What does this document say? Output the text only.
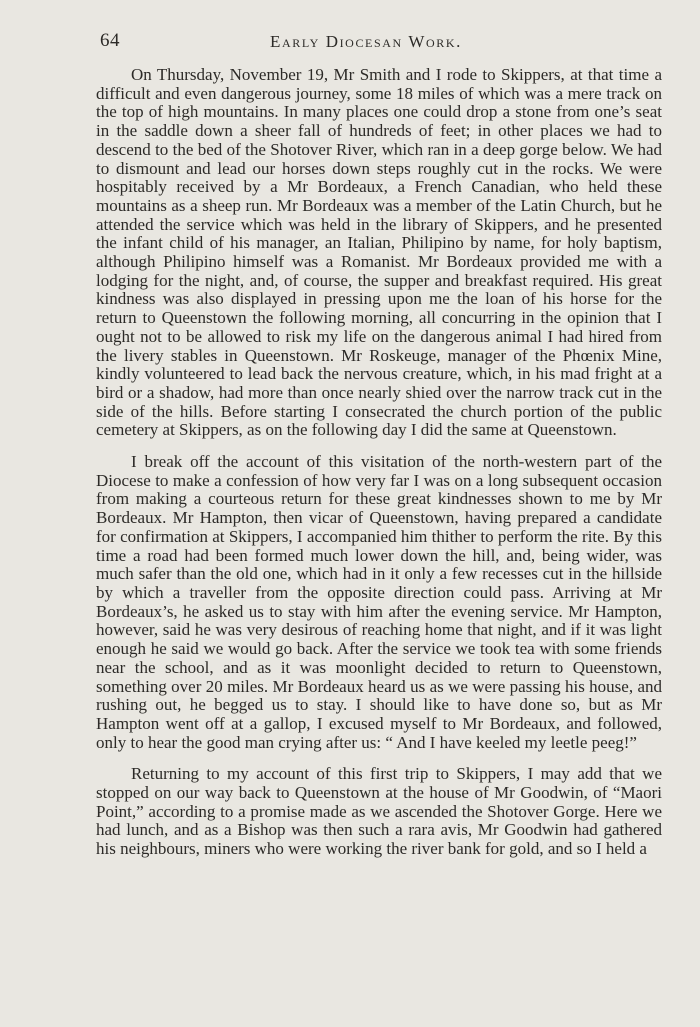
64	Early Diocesan Work.

On Thursday, November 19, Mr Smith and I rode to Skippers, at that time a difficult and even dangerous journey, some 18 miles of which was a mere track on the top of high mountains. In many places one could drop a stone from one’s seat in the saddle down a sheer fall of hundreds of feet; in other places we had to descend to the bed of the Shotover River, which ran in a deep gorge below. We had to dismount and lead our horses down steps roughly cut in the rocks. We were hospitably received by a Mr Bordeaux, a French Canadian, who held these mountains as a sheep run. Mr Bordeaux was a member of the Latin Church, but he attended the service which was held in the library of Skippers, and he presented the infant child of his manager, an Italian, Philipino by name, for holy baptism, although Philipino himself was a Romanist. Mr Bordeaux provided me with a lodging for the night, and, of course, the supper and breakfast required. His great kindness was also displayed in pressing upon me the loan of his horse for the return to Queenstown the following morning, all concurring in the opinion that I ought not to be allowed to risk my life on the dangerous animal I had hired from the livery stables in Queenstown. Mr Roskeuge, manager of the Phœnix Mine, kindly volunteered to lead back the nervous creature, which, in his mad fright at a bird or a shadow, had more than once nearly shied over the narrow track cut in the side of the hills. Before starting I consecrated the church portion of the public cemetery at Skippers, as on the following day I did the same at Queenstown.

I break off the account of this visitation of the north-western part of the Diocese to make a confession of how very far I was on a long subsequent occasion from making a courteous return for these great kindnesses shown to me by Mr Bordeaux. Mr Hampton, then vicar of Queenstown, having prepared a candidate for confirmation at Skippers, I accompanied him thither to perform the rite. By this time a road had been formed much lower down the hill, and, being wider, was much safer than the old one, which had in it only a few recesses cut in the hillside by which a traveller from the opposite direction could pass. Arriving at Mr Bordeaux’s, he asked us to stay with him after the evening service. Mr Hampton, however, said he was very desirous of reaching home that night, and if it was light enough he said we would go back. After the service we took tea with some friends near the school, and as it was moonlight decided to return to Queenstown, something over 20 miles. Mr Bordeaux heard us as we were passing his house, and rushing out, he begged us to stay. I should like to have done so, but as Mr Hampton went off at a gallop, I excused myself to Mr Bordeaux, and followed, only to hear the good man crying after us: “ And I have keeled my leetle peeg!”

Returning to my account of this first trip to Skippers, I may add that we stopped on our way back to Queenstown at the house of Mr Goodwin, of “Maori Point,” according to a promise made as we ascended the Shotover Gorge. Here we had lunch, and as a Bishop was then such a rara avis, Mr Goodwin had gathered his neighbours, miners who were working the river bank for gold, and so I held a
